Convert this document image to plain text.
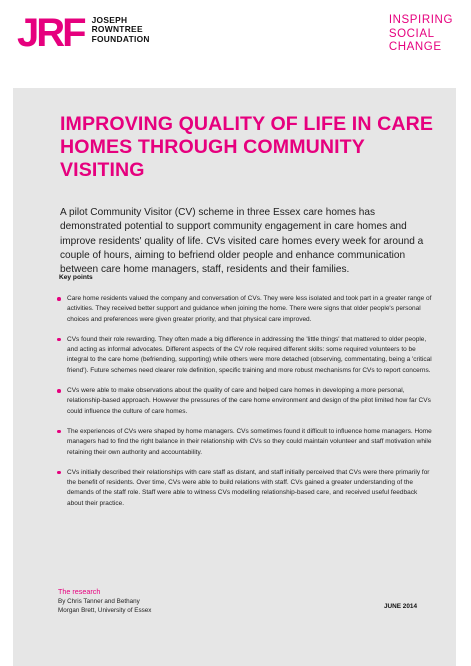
JRF JOSEPH
ROWNTREE
FOUNDATION
INSPIRING
SOCIAL
CHANGE
IMPROVING QUALITY OF LIFE IN CARE HOMES THROUGH COMMUNITY VISITING
A pilot Community Visitor (CV) scheme in three Essex care homes has demonstrated potential to support community engagement in care homes and improve residents' quality of life. CVs visited care homes every week for around a couple of hours, aiming to befriend older people and enhance communication between care home managers, staff, residents and their families.
Key points
Care home residents valued the company and conversation of CVs. They were less isolated and took part in a greater range of activities. They received better support and guidance when joining the home. There were signs that older people's personal choices and preferences were given greater priority, and that physical care improved.
CVs found their role rewarding. They often made a big difference in addressing the 'little things' that mattered to older people, and acting as informal advocates. Different aspects of the CV role required different skills: some required volunteers to be integral to the care home (befriending, supporting) while others were more detached (observing, commentating, being a 'critical friend'). Future schemes need clearer role definition, specific training and more robust mechanisms for CVs to report concerns.
CVs were able to make observations about the quality of care and helped care homes in developing a more personal, relationship-based approach. However the pressures of the care home environment and design of the pilot limited how far CVs could influence the culture of care homes.
The experiences of CVs were shaped by home managers. CVs sometimes found it difficult to influence home managers. Home managers had to find the right balance in their relationship with CVs so they could maintain volunteer and staff motivation while retaining their own authority and accountability.
CVs initially described their relationships with care staff as distant, and staff initially perceived that CVs were there primarily for the benefit of residents. Over time, CVs were able to build relations with staff. CVs gained a greater understanding of the demands of the staff role. Staff were able to witness CVs modelling relationship-based care, and received useful feedback about their practice.
The research
By Chris Tanner and Bethany
Morgan Brett, University of Essex
JUNE 2014
